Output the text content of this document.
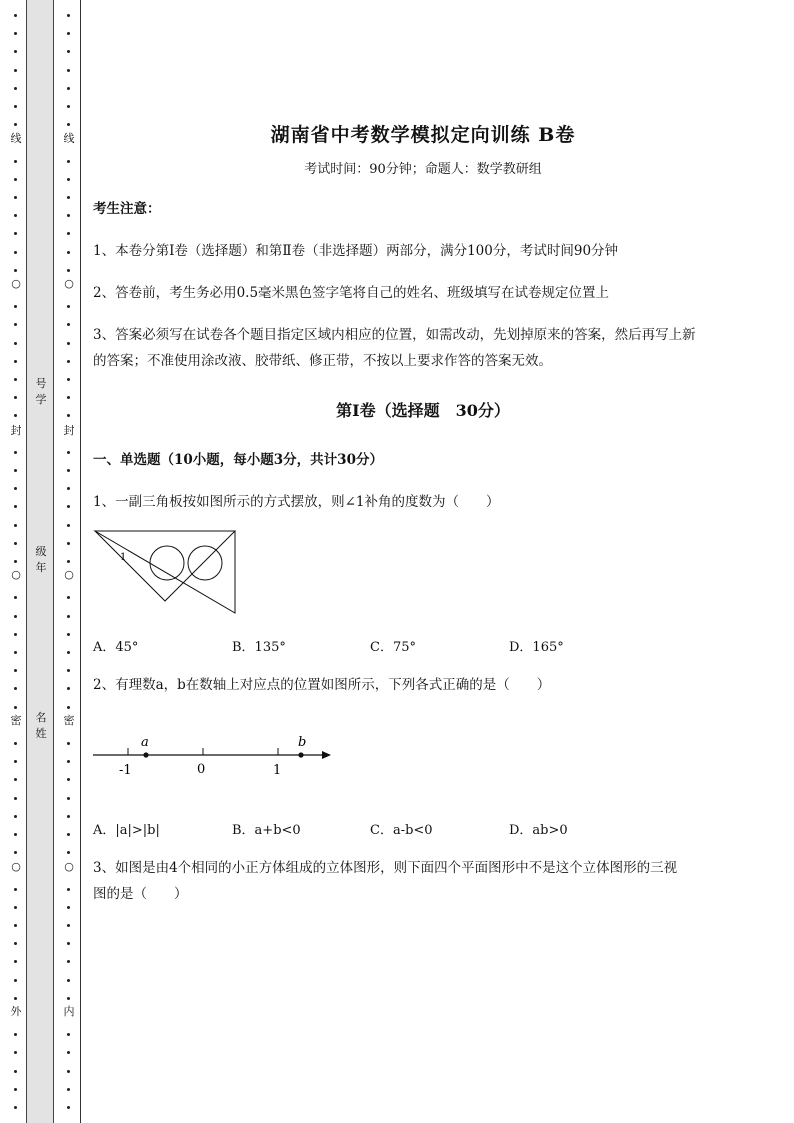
线
○
封
○
密
○
外
号学
级年
名姓
线
○
封
○
密
○
内
湖南省中考数学模拟定向训练 B卷
考试时间：90分钟；命题人：数学教研组
考生注意：
1、本卷分第I卷（选择题）和第Ⅱ卷（非选择题）两部分，满分100分，考试时间90分钟
2、答卷前，考生务必用0.5毫米黑色签字笔将自己的姓名、班级填写在试卷规定位置上
3、答案必须写在试卷各个题目指定区域内相应的位置，如需改动，先划掉原来的答案，然后再写上新
的答案；不准使用涂改液、胶带纸、修正带，不按以上要求作答的答案无效。
第I卷（选择题　30分）
一、单选题（10小题，每小题3分，共计30分）
1、一副三角板按如图所示的方式摆放，则∠1补角的度数为（　　）
1
A．45°	B．135°	C．75°	D．165°
2、有理数a，b在数轴上对应点的位置如图所示，下列各式正确的是（　　）
a	b
-1	0	1
A．|a|>|b|	B．a+b<0	C．a-b<0	D．ab>0
3、如图是由4个相同的小正方体组成的立体图形，则下面四个平面图形中不是这个立体图形的三视
图的是（　　）
